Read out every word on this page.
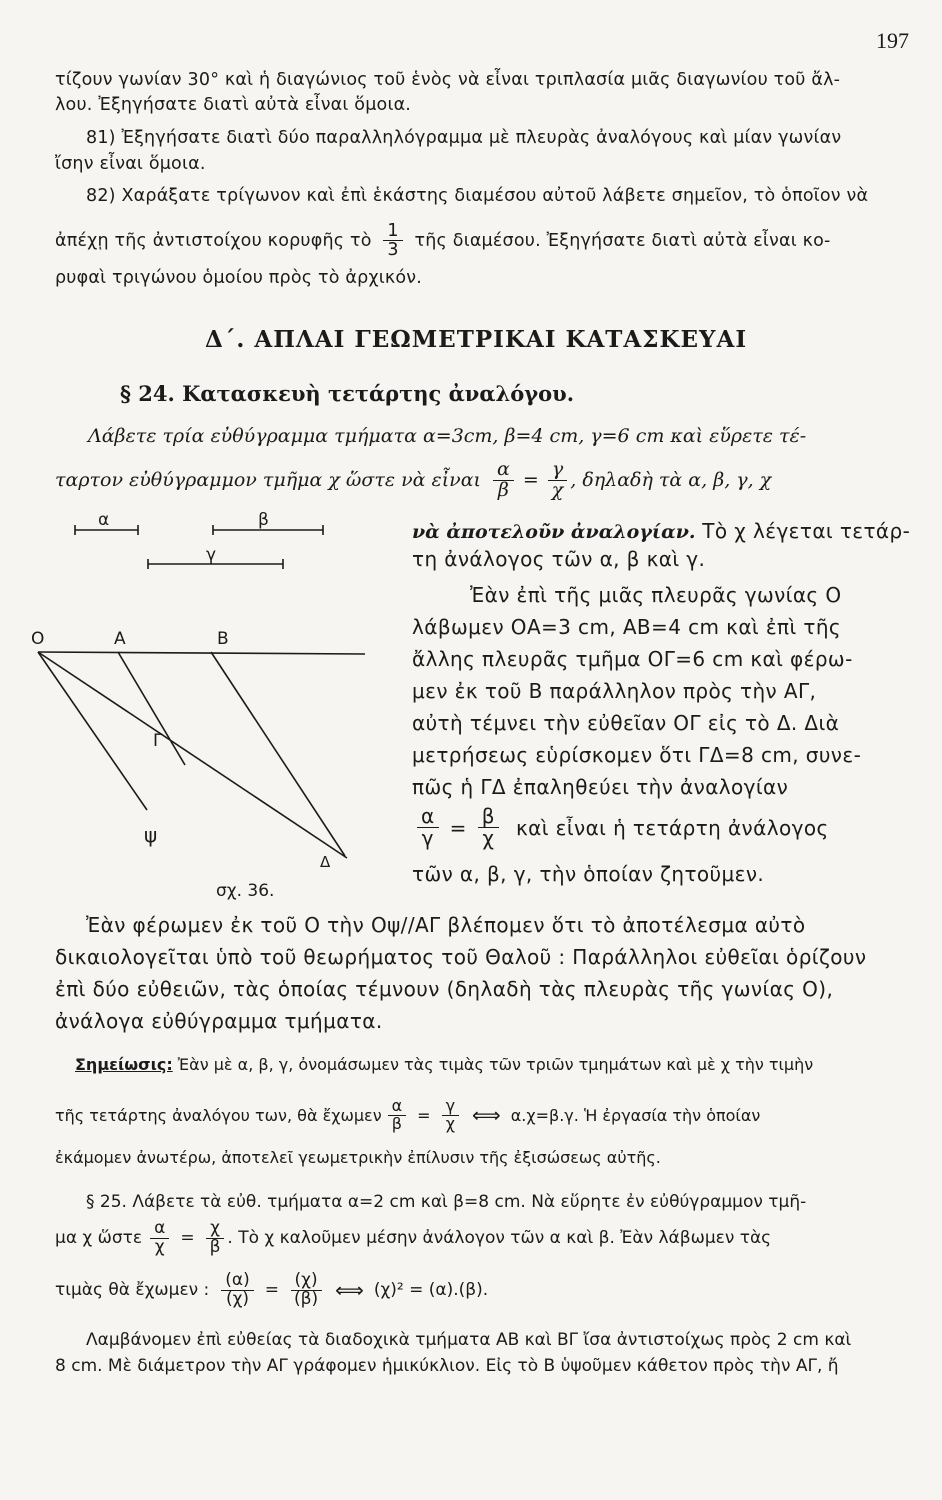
197
τίζουν γωνίαν 30° καὶ ἡ διαγώνιος τοῦ ἑνὸς νὰ εἶναι τριπλασία μιᾶς διαγωνίου τοῦ ἄλ-
λου. Ἐξηγήσατε διατὶ αὐτὰ εἶναι ὅμοια.
81) Ἐξηγήσατε διατὶ δύο παραλληλόγραμμα μὲ πλευρὰς ἀναλόγους καὶ μίαν γωνίαν
ἴσην εἶναι ὅμοια.
82) Χαράξατε τρίγωνον καὶ ἐπὶ ἑκάστης διαμέσου αὐτοῦ λάβετε σημεῖον, τὸ ὁποῖον νὰ
ἀπέχῃ τῆς ἀντιστοίχου κορυφῆς τὸ $\frac{1}{3}$ τῆς διαμέσου. Ἐξηγήσατε διατὶ αὐτὰ εἶναι κο-
ρυφαὶ τριγώνου ὁμοίου πρὸς τὸ ἀρχικόν.
Δ΄. ΑΠΛΑΙ ΓΕΩΜΕΤΡΙΚΑΙ ΚΑΤΑΣΚΕΥΑΙ
§ 24. Κατασκευὴ τετάρτης ἀναλόγου.
Λάβετε τρία εὐθύγραμμα τμήματα α=3cm, β=4 cm, γ=6 cm καὶ εὕρετε τέ-
ταρτον εὐθύγραμμον τμῆμα χ ὥστε νὰ εἶναι $\frac{\alpha}{\beta} = \frac{\gamma}{\chi}$ , δηλαδὴ τὰ α, β, γ, χ
νὰ ἀποτελοῦν ἀναλογίαν. Τὸ χ λέγεται τετάρ-
τη ἀνάλογος τῶν α, β καὶ γ.
Ἐὰν ἐπὶ τῆς μιᾶς πλευρᾶς γωνίας Ο
λάβωμεν ΟΑ=3 cm, ΑΒ=4 cm καὶ ἐπὶ τῆς
ἄλλης πλευρᾶς τμῆμα ΟΓ=6 cm καὶ φέρω-
μεν ἐκ τοῦ Β παράλληλον πρὸς τὴν ΑΓ,
αὐτὴ τέμνει τὴν εὐθεῖαν ΟΓ εἰς τὸ Δ. Διὰ
μετρήσεως εὑρίσκομεν ὅτι ΓΔ=8 cm, συνε-
πῶς ἡ ΓΔ ἐπαληθεύει τὴν ἀναλογίαν
$\frac{\alpha}{\gamma} = \frac{\beta}{\chi}$ καὶ εἶναι ἡ τετάρτη ἀνάλογος
τῶν α, β, γ, τὴν ὁποίαν ζητοῦμεν.
Ἐὰν φέρωμεν ἐκ τοῦ Ο τὴν Οψ//ΑΓ βλέπομεν ὅτι τὸ ἀποτέλεσμα αὐτὸ
δικαιολογεῖται ὑπὸ τοῦ θεωρήματος τοῦ Θαλοῦ : Παράλληλοι εὐθεῖαι ὁρίζουν
ἐπὶ δύο εὐθειῶν, τὰς ὁποίας τέμνουν (δηλαδὴ τὰς πλευρὰς τῆς γωνίας Ο),
ἀνάλογα εὐθύγραμμα τμήματα.
Σημείωσις: Ἐὰν μὲ α, β, γ, ὀνομάσωμεν τὰς τιμὰς τῶν τριῶν τμημάτων καὶ μὲ χ τὴν τιμὴν
τῆς τετάρτης ἀναλόγου των, θὰ ἔχωμεν $\frac{\alpha}{\beta} = \frac{\gamma}{\chi}$ ⟺ α.χ=β.γ. Ἡ ἐργασία τὴν ὁποίαν
ἐκάμομεν ἀνωτέρω, ἀποτελεῖ γεωμετρικὴν ἐπίλυσιν τῆς ἐξισώσεως αὐτῆς.
§ 25. Λάβετε τὰ εὐθ. τμήματα α=2 cm καὶ β=8 cm. Νὰ εὕρητε ἐν εὐθύγραμμον τμῆ-
μα χ ὥστε $\frac{\alpha}{\chi} = \frac{\chi}{\beta}$ . Τὸ χ καλοῦμεν μέσην ἀνάλογον τῶν α καὶ β. Ἐὰν λάβωμεν τὰς
τιμὰς θὰ ἔχωμεν : $\frac{(\alpha)}{(\chi)} = \frac{(\chi)}{(\beta)}$ ⟺ (χ)² = (α).(β).
Λαμβάνομεν ἐπὶ εὐθείας τὰ διαδοχικὰ τμήματα ΑΒ καὶ ΒΓ ἴσα ἀντιστοίχως πρὸς 2 cm καὶ
8 cm. Μὲ διάμετρον τὴν ΑΓ γράφομεν ἡμικύκλιον. Εἰς τὸ Β ὑψοῦμεν κάθετον πρὸς τὴν ΑΓ, ἤ
α	β
γ
Ο	Α	Β
Γ
Δ
ψ
σχ. 36.
